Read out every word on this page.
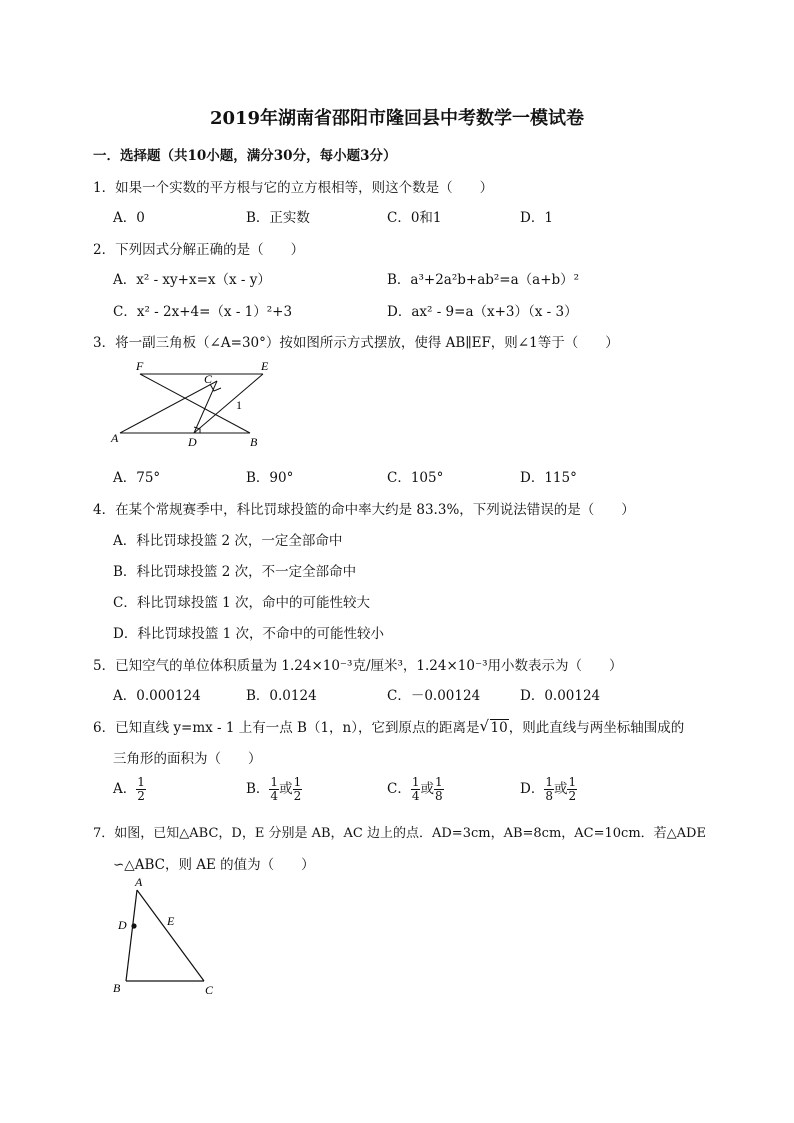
2019年湖南省邵阳市隆回县中考数学一模试卷
一．选择题（共10小题，满分30分，每小题3分）
1．如果一个实数的平方根与它的立方根相等，则这个数是（　　）
A．0	B．正实数	C．0和1	D．1
2．下列因式分解正确的是（　　）
A．x² - xy+x=x（x - y）	B．a³+2a²b+ab²=a（a+b）²
C．x² - 2x+4=（x - 1）²+3	D．ax² - 9=a（x+3）（x - 3）
3．将一副三角板（∠A=30°）按如图所示方式摆放，使得 AB∥EF，则∠1等于（　　）
F	E
C
1
A	D	B
A．75°	B．90°	C．105°	D．115°
4．在某个常规赛季中，科比罚球投篮的命中率大约是 83.3%，下列说法错误的是（　　）
A．科比罚球投篮 2 次，一定全部命中
B．科比罚球投篮 2 次，不一定全部命中
C．科比罚球投篮 1 次，命中的可能性较大
D．科比罚球投篮 1 次，不命中的可能性较小
5．已知空气的单位体积质量为 1.24×10⁻³克/厘米³，1.24×10⁻³用小数表示为（　　）
A．0.000124	B．0.0124	C．－0.00124	D．0.00124
6．已知直线 y=mx - 1 上有一点 B（1，n），它到原点的距离是 √ 10，则此直线与两坐标轴围成的
三角形的面积为（　　）
A． $\frac{1}{2}$	B． $\frac{1}{4}$ 或 $\frac{1}{2}$	C． $\frac{1}{4}$ 或 $\frac{1}{8}$	D． $\frac{1}{8}$ 或 $\frac{1}{2}$
7．如图，已知△ABC，D，E 分别是 AB，AC 边上的点．AD=3cm，AB=8cm，AC=10cm．若△ADE
∽△ABC，则 AE 的值为（　　）
A
D	E
B	C
